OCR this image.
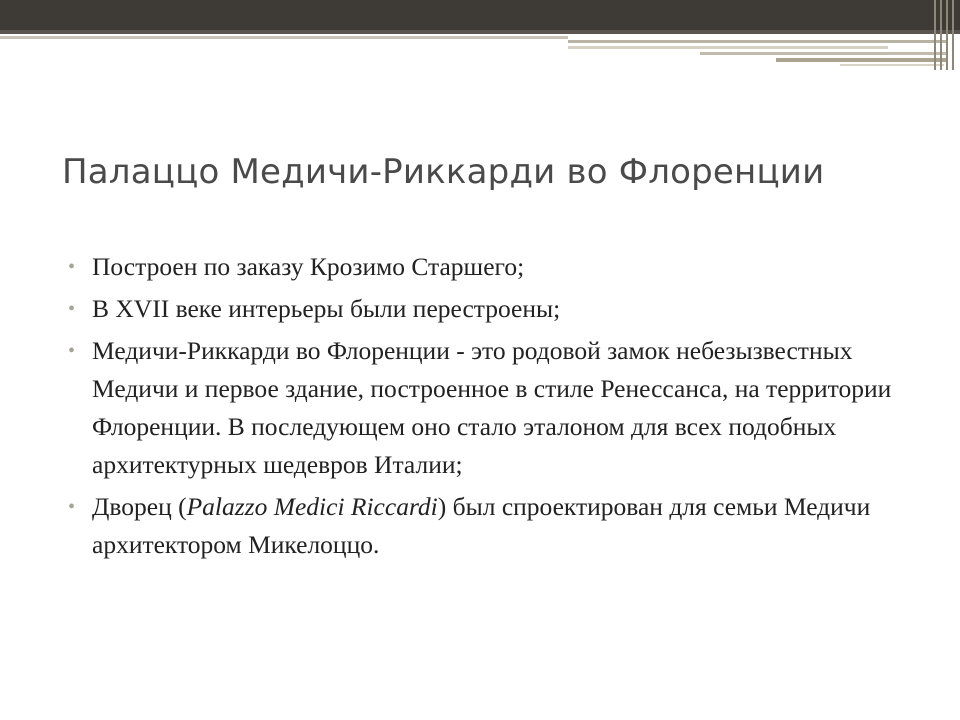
Палаццо Медичи-Риккарди во Флоренции
• Построен по заказу Крозимо Старшего;
• В XVII веке интерьеры были перестроены;
• Медичи-Риккарди во Флоренции - это родовой замок небезызвестных Медичи и первое здание, построенное в стиле Ренессанса, на территории Флоренции. В последующем оно стало эталоном для всех подобных архитектурных шедевров Италии;
• Дворец (Palazzo Medici Riccardi) был спроектирован для семьи Медичи архитектором Микелоццо.
